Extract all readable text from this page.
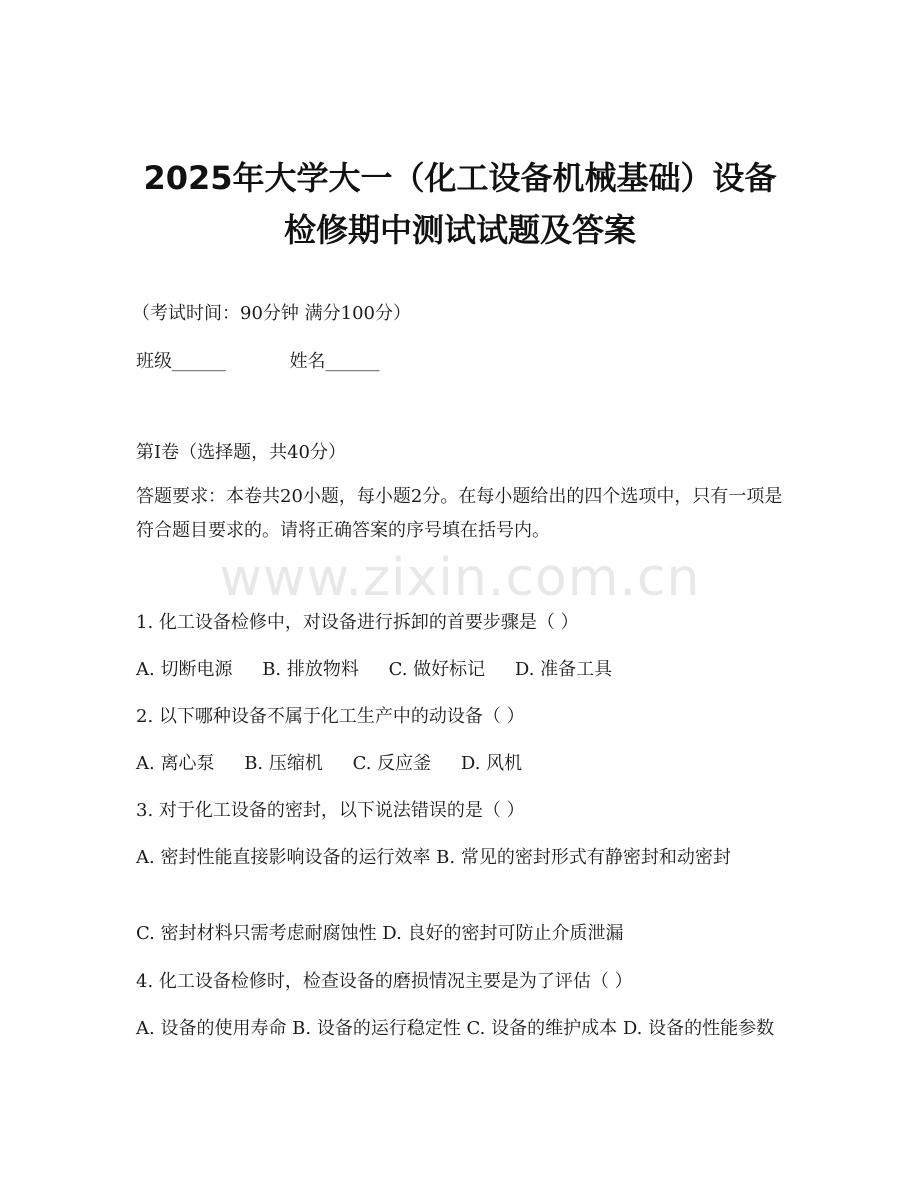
2025年大学大一（化工设备机械基础）设备
检修期中测试试题及答案
（考试时间：90分钟 满分100分）
班级______	姓名______
第I卷（选择题，共40分）
答题要求：本卷共20小题，每小题2分。在每小题给出的四个选项中，只有一项是符合题目要求的。请将正确答案的序号填在括号内。
www.zixin.com.cn
1. 化工设备检修中，对设备进行拆卸的首要步骤是（ ）
A. 切断电源 B. 排放物料 C. 做好标记 D. 准备工具
2. 以下哪种设备不属于化工生产中的动设备（ ）
A. 离心泵 B. 压缩机 C. 反应釜 D. 风机
3. 对于化工设备的密封，以下说法错误的是（ ）
A. 密封性能直接影响设备的运行效率 B. 常见的密封形式有静密封和动密封
C. 密封材料只需考虑耐腐蚀性 D. 良好的密封可防止介质泄漏
4. 化工设备检修时，检查设备的磨损情况主要是为了评估（ ）
A. 设备的使用寿命 B. 设备的运行稳定性 C. 设备的维护成本 D. 设备的性能参数
